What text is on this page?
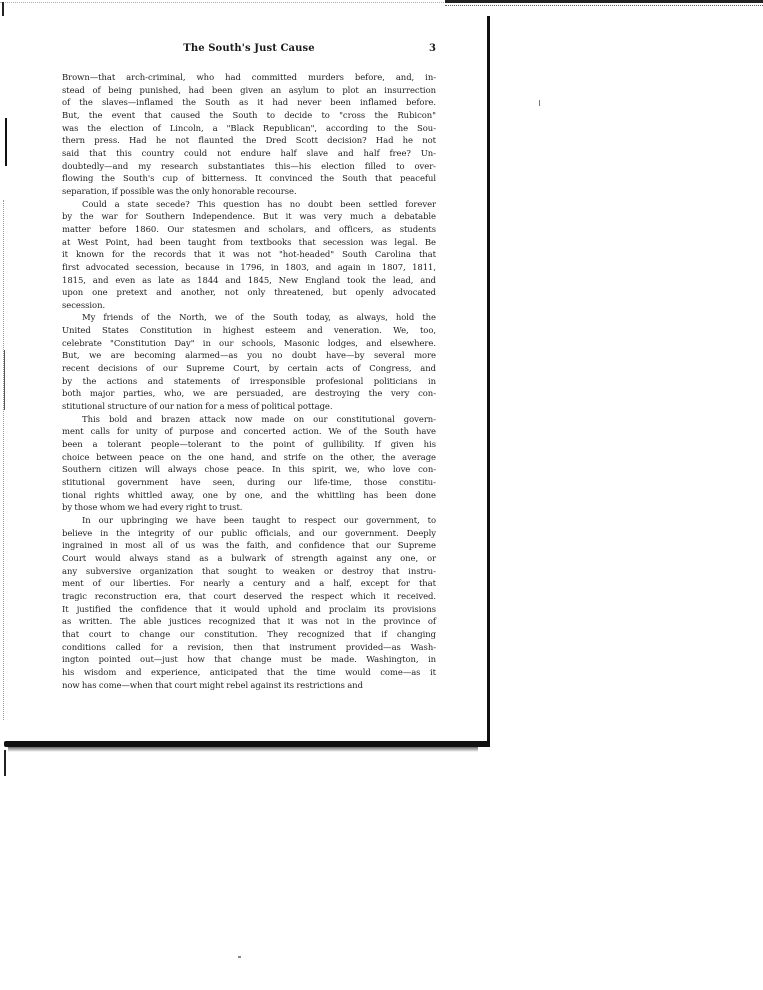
The South's Just Cause	3

Brown—that arch-criminal, who had committed murders before, and, in-
stead of being punished, had been given an asylum to plot an insurrection
of the slaves—inflamed the South as it had never been inflamed before.
But, the event that caused the South to decide to "cross the Rubicon"
was the election of Lincoln, a "Black Republican", according to the Sou-
thern press. Had he not flaunted the Dred Scott decision? Had he not
said that this country could not endure half slave and half free? Un-
doubtedly—and my research substantiates this—his election filled to over-
flowing the South's cup of bitterness. It convinced the South that peaceful
separation, if possible was the only honorable recourse.

Could a state secede? This question has no doubt been settled forever
by the war for Southern Independence. But it was very much a debatable
matter before 1860. Our statesmen and scholars, and officers, as students
at West Point, had been taught from textbooks that secession was legal. Be
it known for the records that it was not "hot-headed" South Carolina that
first advocated secession, because in 1796, in 1803, and again in 1807, 1811,
1815, and even as late as 1844 and 1845, New England took the lead, and
upon one pretext and another, not only threatened, but openly advocated
secession.

My friends of the North, we of the South today, as always, hold the
United States Constitution in highest esteem and veneration. We, too,
celebrate "Constitution Day" in our schools, Masonic lodges, and elsewhere.
But, we are becoming alarmed—as you no doubt have—by several more
recent decisions of our Supreme Court, by certain acts of Congress, and
by the actions and statements of irresponsible profesional politicians in
both major parties, who, we are persuaded, are destroying the very con-
stitutional structure of our nation for a mess of political pottage.

This bold and brazen attack now made on our constitutional govern-
ment calls for unity of purpose and concerted action. We of the South have
been a tolerant people—tolerant to the point of gullibility. If given his
choice between peace on the one hand, and strife on the other, the average
Southern citizen will always chose peace. In this spirit, we, who love con-
stitutional government have seen, during our life-time, those constitu-
tional rights whittled away, one by one, and the whittling has been done
by those whom we had every right to trust.

In our upbringing we have been taught to respect our government, to
believe in the integrity of our public officials, and our government. Deeply
ingrained in most all of us was the faith, and confidence that our Supreme
Court would always stand as a bulwark of strength against any one, or
any subversive organization that sought to weaken or destroy that instru-
ment of our liberties. For nearly a century and a half, except for that
tragic reconstruction era, that court deserved the respect which it received.
It justified the confidence that it would uphold and proclaim its provisions
as written. The able justices recognized that it was not in the province of
that court to change our constitution. They recognized that if changing
conditions called for a revision, then that instrument provided—as Wash-
ington pointed out—just how that change must be made. Washington, in
his wisdom and experience, anticipated that the time would come—as it
now has come—when that court might rebel against its restrictions and
